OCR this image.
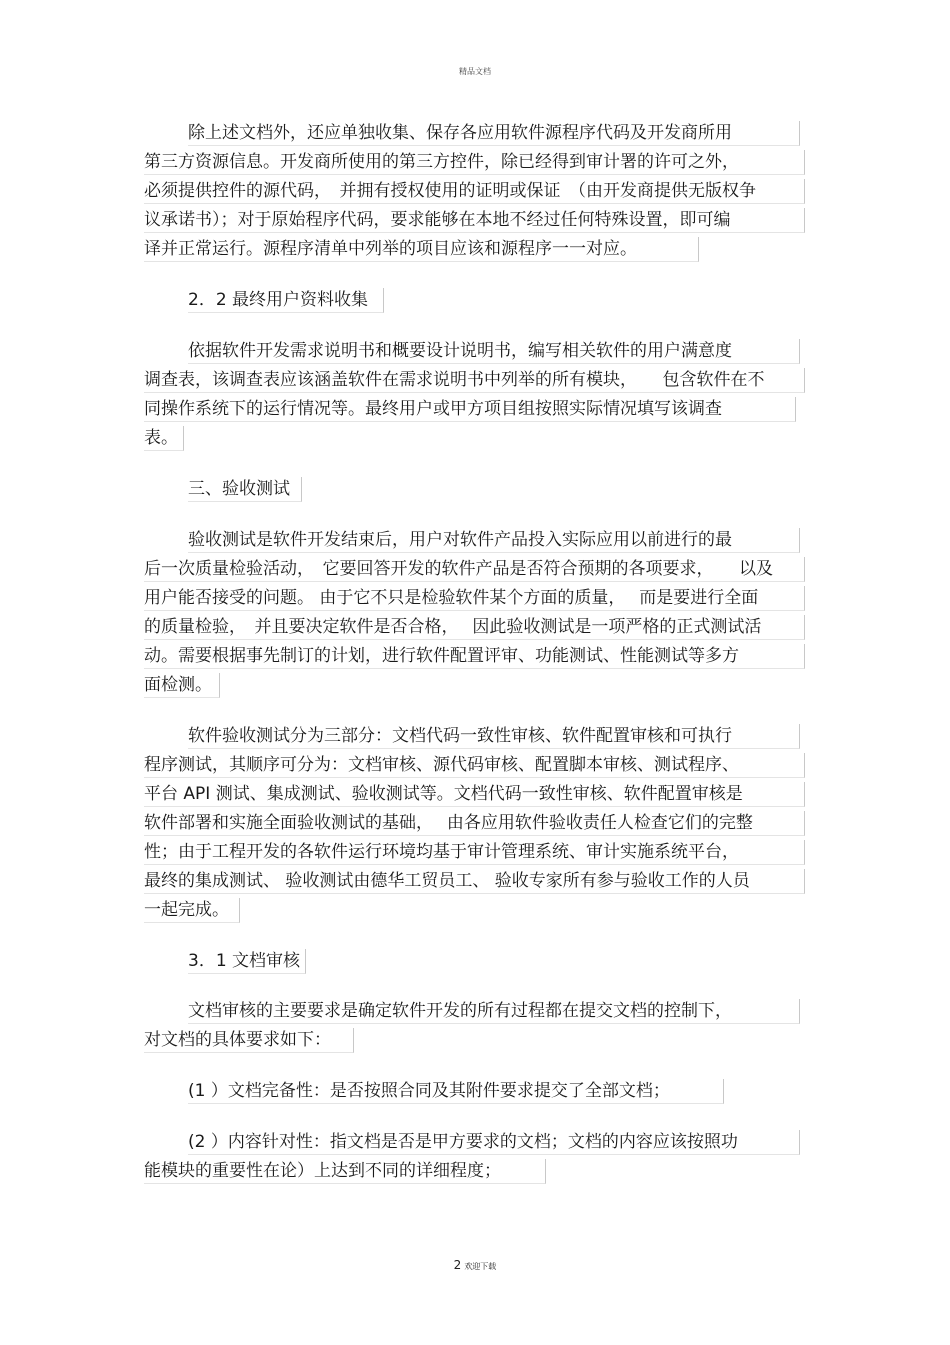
精品文档
除上述文档外，还应单独收集、保存各应用软件源程序代码及开发商所用
第三方资源信息。开发商所使用的第三方控件，除已经得到审计署的许可之外，
必须提供控件的源代码，　并拥有授权使用的证明或保证　（由开发商提供无版权争
议承诺书）；对于原始程序代码，要求能够在本地不经过任何特殊设置，即可编
译并正常运行。源程序清单中列举的项目应该和源程序一一对应。
2．2 最终用户资料收集
依据软件开发需求说明书和概要设计说明书，编写相关软件的用户满意度
调查表，该调查表应该涵盖软件在需求说明书中列举的所有模块，　　包含软件在不
同操作系统下的运行情况等。最终用户或甲方项目组按照实际情况填写该调查
表。
三、验收测试
验收测试是软件开发结束后，用户对软件产品投入实际应用以前进行的最
后一次质量检验活动，　它要回答开发的软件产品是否符合预期的各项要求，　　以及
用户能否接受的问题。 由于它不只是检验软件某个方面的质量，　 而是要进行全面
的质量检验，　并且要决定软件是否合格，　 因此验收测试是一项严格的正式测试活
动。需要根据事先制订的计划，进行软件配置评审、功能测试、性能测试等多方
面检测。
软件验收测试分为三部分：文档代码一致性审核、软件配置审核和可执行
程序测试，其顺序可分为：文档审核、源代码审核、配置脚本审核、测试程序、
平台 API 测试、集成测试、验收测试等。文档代码一致性审核、软件配置审核是
软件部署和实施全面验收测试的基础，　 由各应用软件验收责任人检查它们的完整
性；由于工程开发的各软件运行环境均基于审计管理系统、审计实施系统平台，
最终的集成测试、 验收测试由德华工贸员工、 验收专家所有参与验收工作的人员
一起完成。
3．1 文档审核
文档审核的主要要求是确定软件开发的所有过程都在提交文档的控制下，
对文档的具体要求如下：
(1 ）文档完备性：是否按照合同及其附件要求提交了全部文档；
(2 ）内容针对性：指文档是否是甲方要求的文档；文档的内容应该按照功
能模块的重要性在论）上达到不同的详细程度；
2 欢迎下载
